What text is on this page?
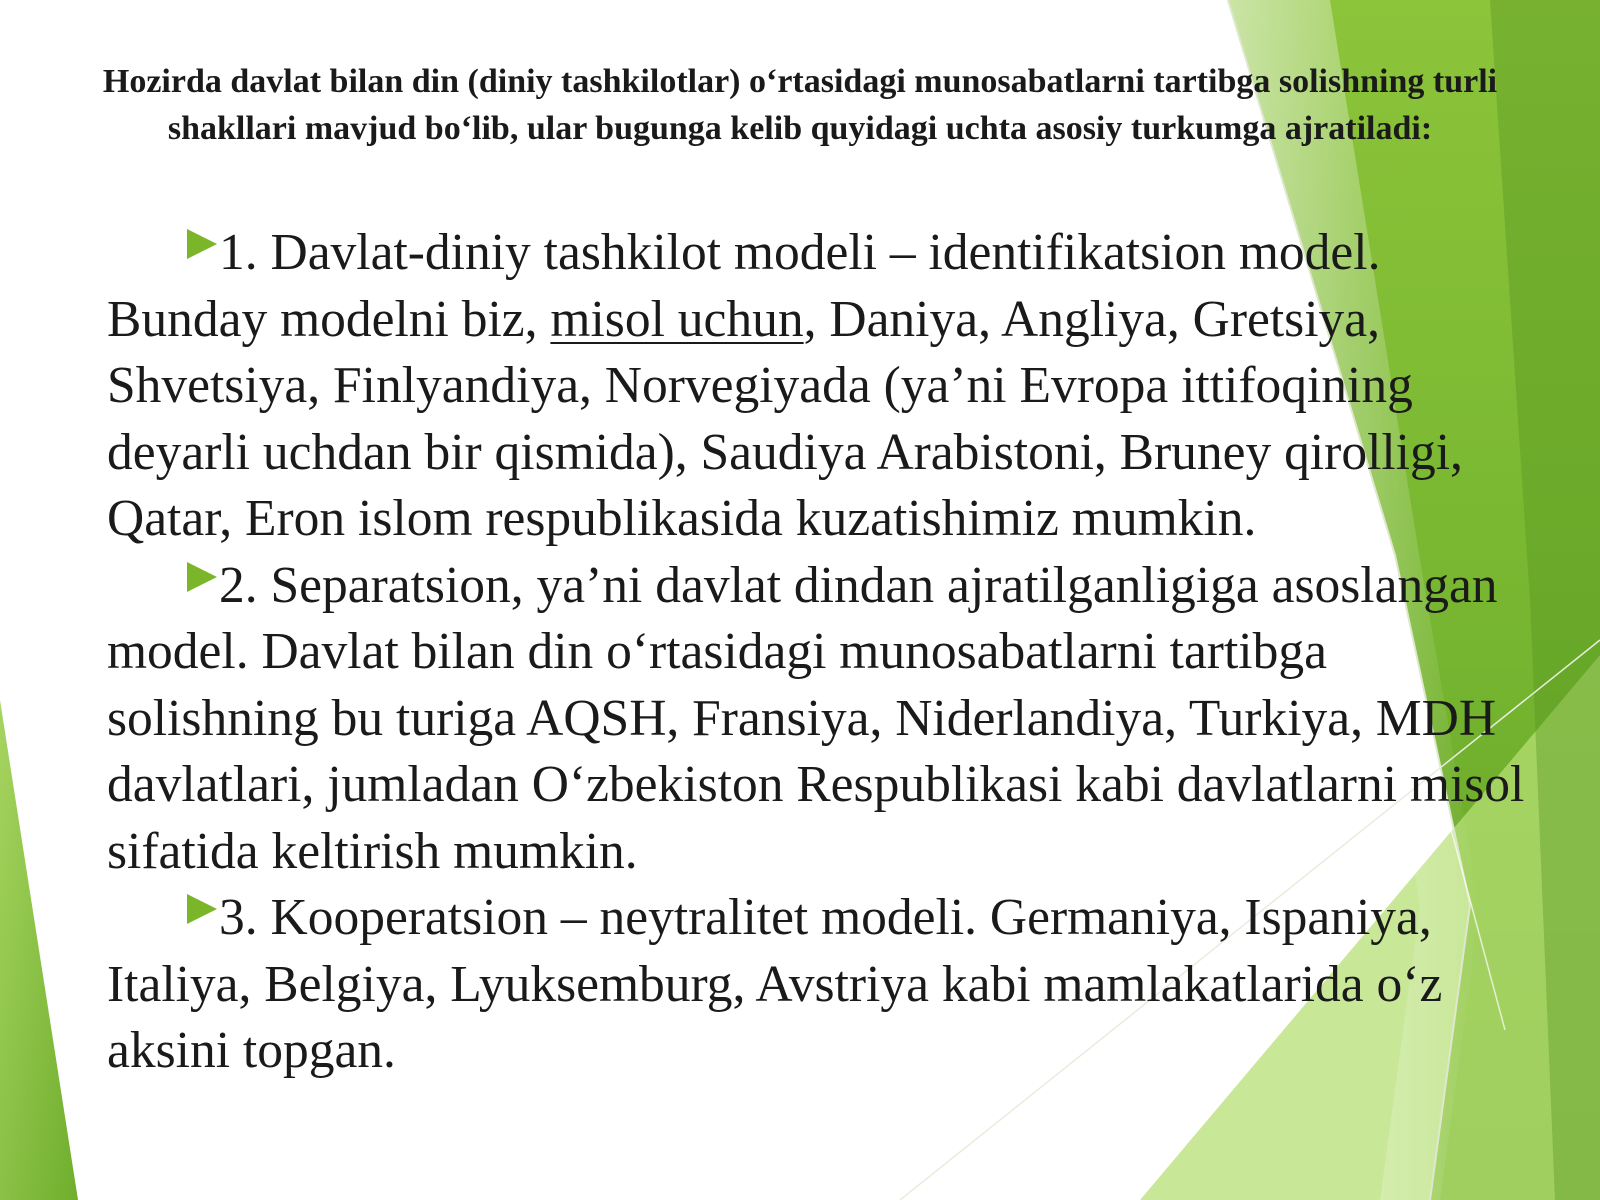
Hozirda davlat bilan din (diniy tashkilotlar) o‘rtasidagi munosabatlarni tartibga solishning turli shakllari mavjud bo‘lib, ular bugunga kelib quyidagi uchta asosiy turkumga ajratiladi:

1. Davlat-diniy tashkilot modeli – identifikatsion model. Bunday modelni biz, misol uchun, Daniya, Angliya, Gretsiya, Shvetsiya, Finlyandiya, Norvegiyada (ya’ni Evropa ittifoqining deyarli uchdan bir qismida), Saudiya Arabistoni, Bruney qirolligi, Qatar, Eron islom respublikasida kuzatishimiz mumkin.

2. Separatsion, ya’ni davlat dindan ajratilganligiga asoslangan model. Davlat bilan din o‘rtasidagi munosabatlarni tartibga solishning bu turiga AQSH, Fransiya, Niderlandiya, Turkiya, MDH davlatlari, jumladan O‘zbekiston Respublikasi kabi davlatlarni misol sifatida keltirish mumkin.

3. Kooperatsion – neytralitet modeli. Germaniya, Ispaniya, Italiya, Belgiya, Lyuksemburg, Avstriya kabi mamlakatlarida o‘z aksini topgan.
